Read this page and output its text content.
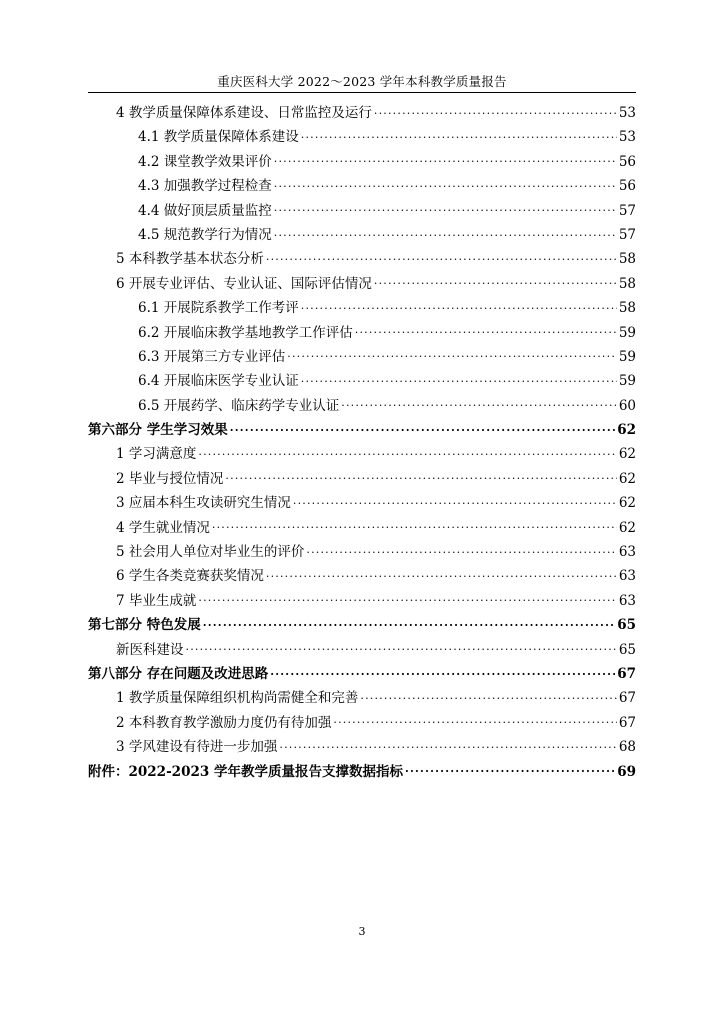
重庆医科大学 2022～2023 学年本科教学质量报告
4 教学质量保障体系建设、日常监控及运行 .....	53
4.1 教学质量保障体系建设 .....	53
4.2 课堂教学效果评价 .....	56
4.3 加强教学过程检查 .....	56
4.4 做好顶层质量监控 .....	57
4.5 规范教学行为情况 .....	57
5 本科教学基本状态分析 .....	58
6 开展专业评估、专业认证、国际评估情况 .....	58
6.1 开展院系教学工作考评 .....	58
6.2 开展临床教学基地教学工作评估 .....	59
6.3 开展第三方专业评估 .....	59
6.4 开展临床医学专业认证 .....	59
6.5 开展药学、临床药学专业认证 .....	60
第六部分 学生学习效果 .....	62
1 学习满意度 .....	62
2 毕业与授位情况 .....	62
3 应届本科生攻读研究生情况 .....	62
4 学生就业情况 .....	62
5 社会用人单位对毕业生的评价 .....	63
6 学生各类竞赛获奖情况 .....	63
7 毕业生成就 .....	63
第七部分 特色发展 .....	65
新医科建设 .....	65
第八部分 存在问题及改进思路 .....	67
1 教学质量保障组织机构尚需健全和完善 .....	67
2 本科教育教学激励力度仍有待加强 .....	67
3 学风建设有待进一步加强 .....	68
附件：2022-2023 学年教学质量报告支撑数据指标 .....	69
3
